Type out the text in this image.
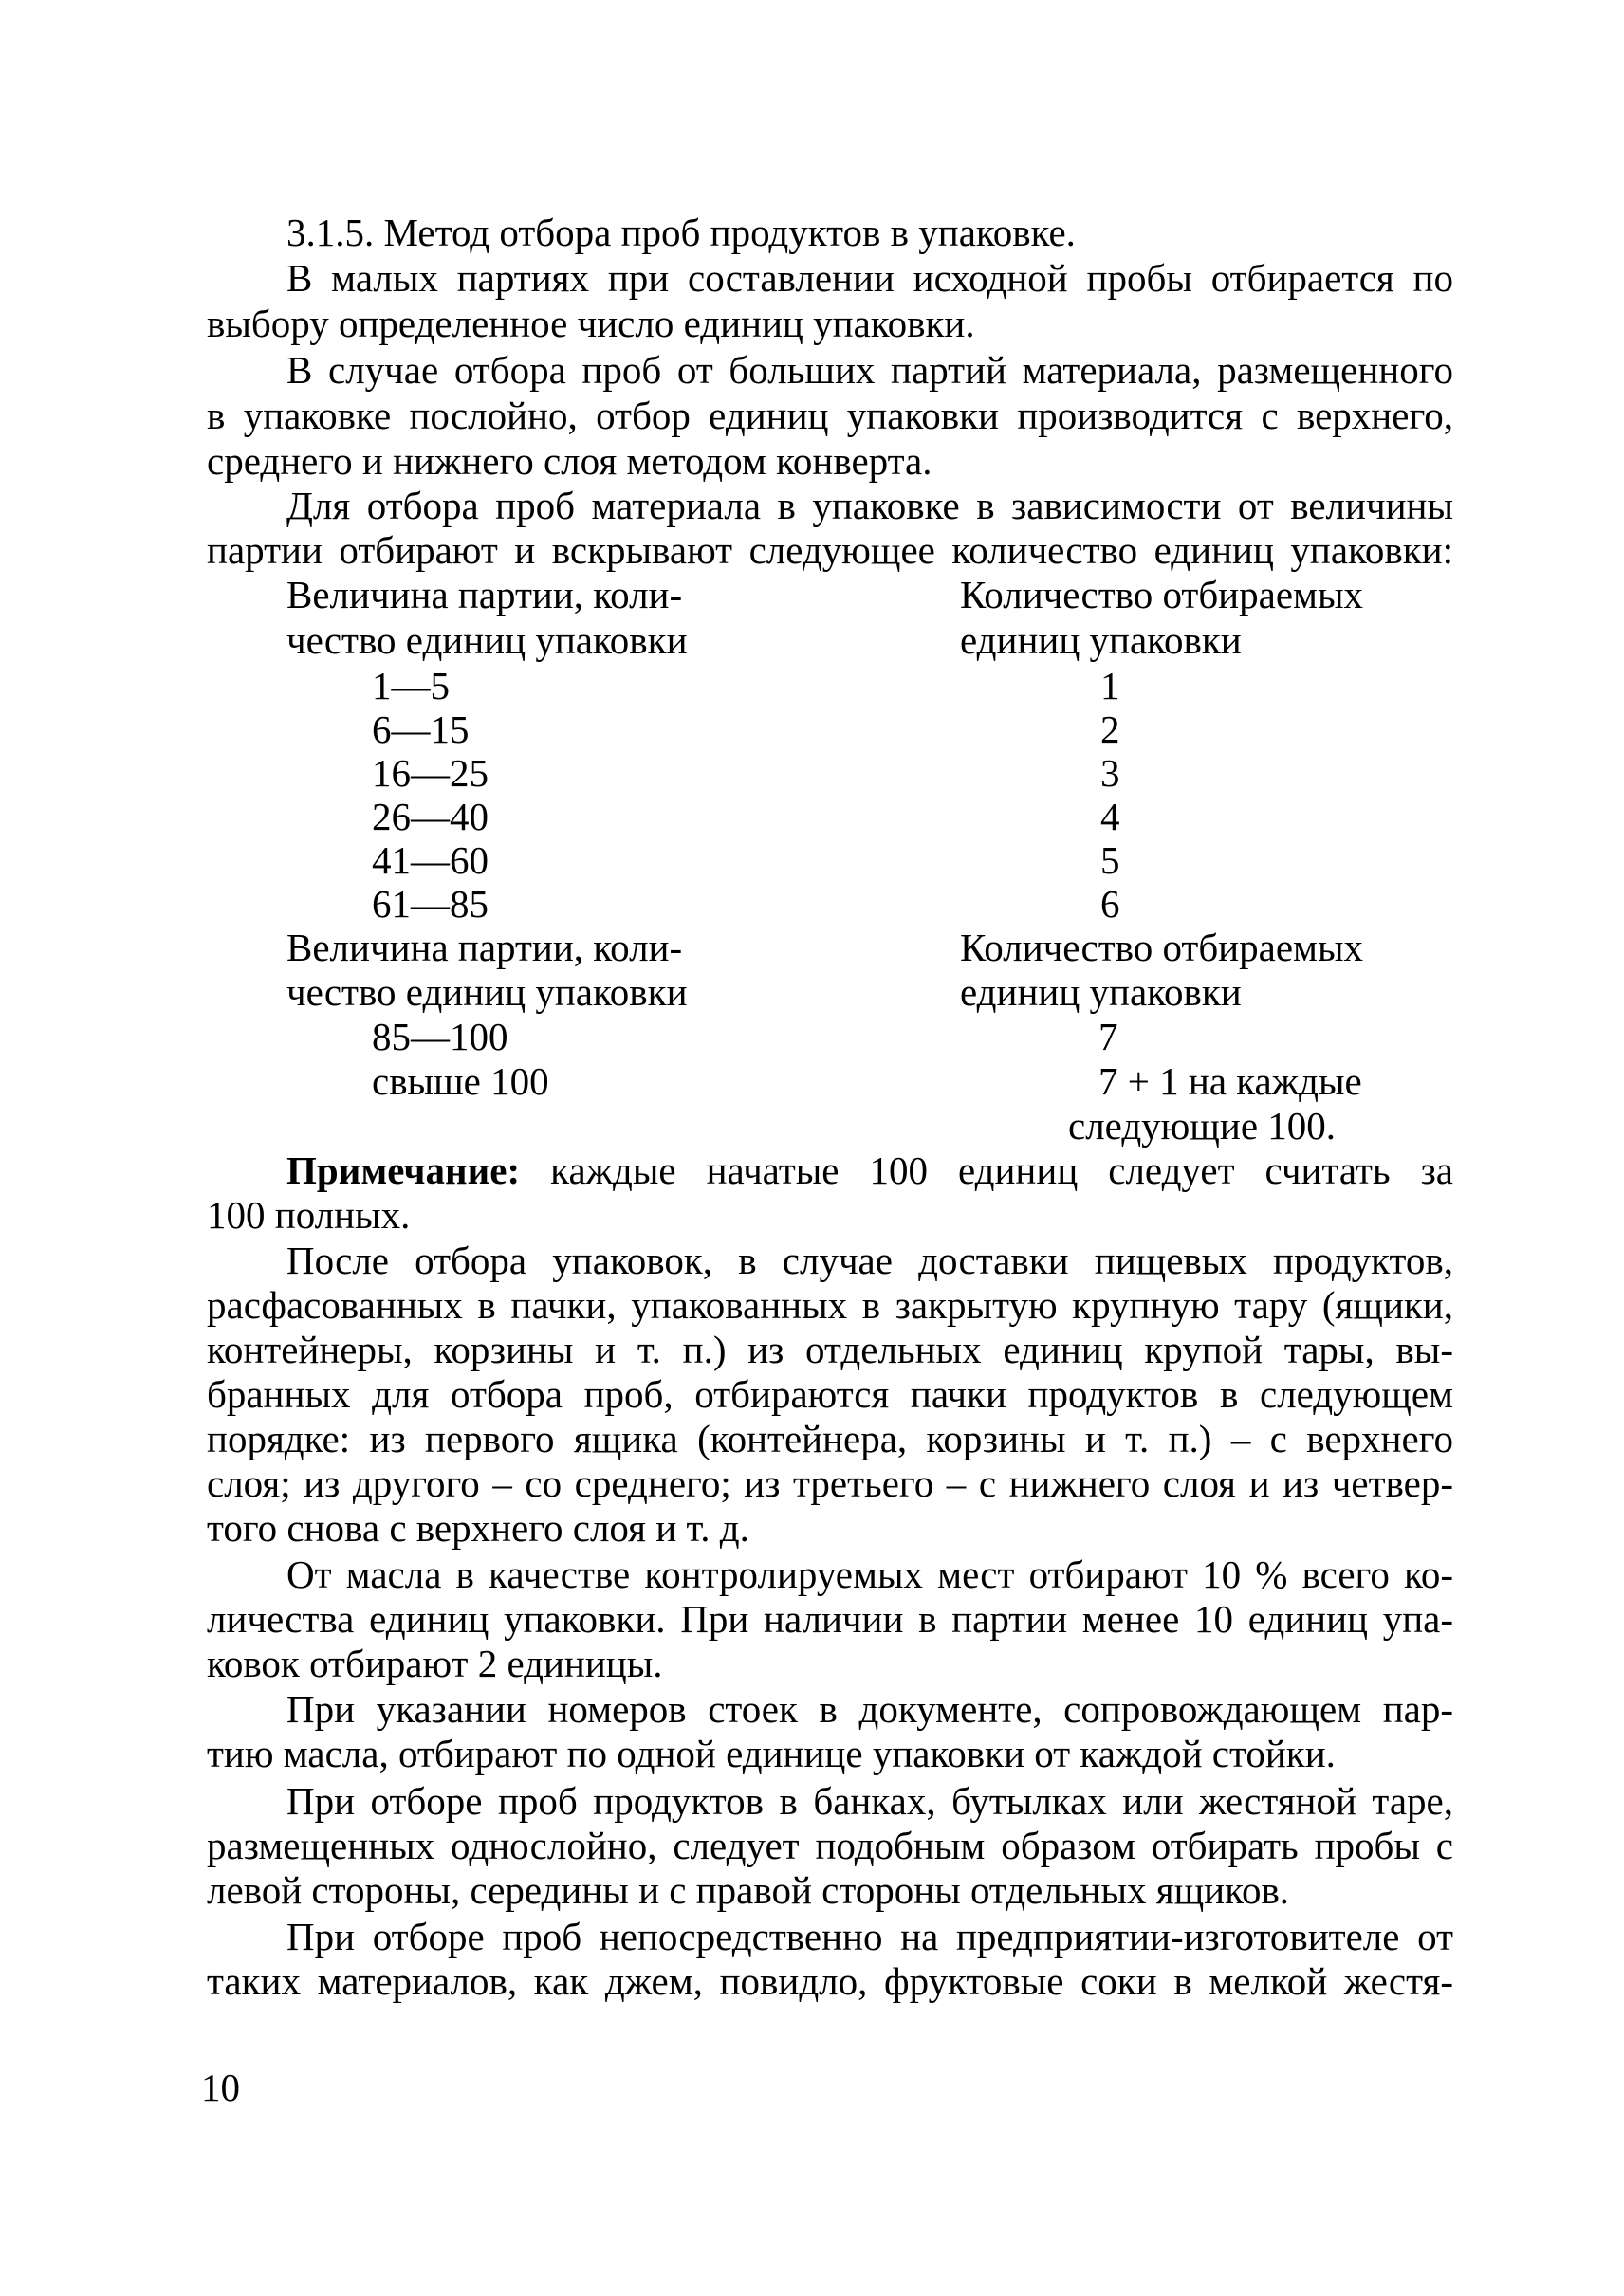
3.1.5. Метод отбора проб продуктов в упаковке.
В малых партиях при составлении исходной пробы отбирается по
выбору определенное число единиц упаковки.
В случае отбора проб от больших партий материала, размещенного
в упаковке послойно, отбор единиц упаковки производится с верхнего,
среднего и нижнего слоя методом конверта.
Для отбора проб материала в упаковке в зависимости от величины
партии отбирают и вскрывают следующее количество единиц упаковки:
Величина партии, коли-	Количество отбираемых
чество единиц упаковки	единиц упаковки
1—5	1
6—15	2
16—25	3
26—40	4
41—60	5
61—85	6
Величина партии, коли-	Количество отбираемых
чество единиц упаковки	единиц упаковки
85—100	7
свыше 100	7 + 1 на каждые
следующие 100.
Примечание: каждые начатые 100 единиц следует считать за
100 полных.
После отбора упаковок, в случае доставки пищевых продуктов,
расфасованных в пачки, упакованных в закрытую крупную тару (ящики,
контейнеры, корзины и т. п.) из отдельных единиц крупой тары, вы-
бранных для отбора проб, отбираются пачки продуктов в следующем
порядке: из первого ящика (контейнера, корзины и т. п.) – с верхнего
слоя; из другого – со среднего; из третьего – с нижнего слоя и из четвер-
того снова с верхнего слоя и т. д.
От масла в качестве контролируемых мест отбирают 10 % всего ко-
личества единиц упаковки. При наличии в партии менее 10 единиц упа-
ковок отбирают 2 единицы.
При указании номеров стоек в документе, сопровождающем пар-
тию масла, отбирают по одной единице упаковки от каждой стойки.
При отборе проб продуктов в банках, бутылках или жестяной таре,
размещенных однослойно, следует подобным образом отбирать пробы с
левой стороны, середины и с правой стороны отдельных ящиков.
При отборе проб непосредственно на предприятии-изготовителе от
таких материалов, как джем, повидло, фруктовые соки в мелкой жестя-
10
